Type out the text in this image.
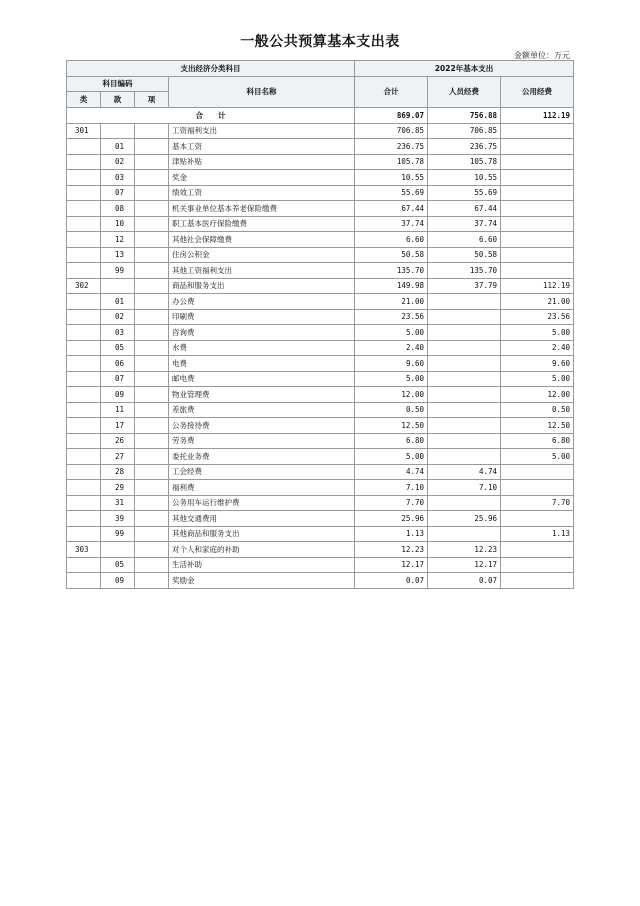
一般公共预算基本支出表
金额单位：万元
支出经济分类科目				2022年基本支出		
科目编码			科目名称	合计	人员经费	公用经费
类	款	项				
合　　计				869.07	756.88	112.19
301			工资福利支出	706.85	706.85	
	01		基本工资	236.75	236.75	
	02		津贴补贴	105.78	105.78	
	03		奖金	10.55	10.55	
	07		绩效工资	55.69	55.69	
	08		机关事业单位基本养老保险缴费	67.44	67.44	
	10		职工基本医疗保险缴费	37.74	37.74	
	12		其他社会保障缴费	6.60	6.60	
	13		住房公积金	50.58	50.58	
	99		其他工资福利支出	135.70	135.70	
302			商品和服务支出	149.98	37.79	112.19
	01		办公费	21.00		21.00
	02		印刷费	23.56		23.56
	03		咨询费	5.00		5.00
	05		水费	2.40		2.40
	06		电费	9.60		9.60
	07		邮电费	5.00		5.00
	09		物业管理费	12.00		12.00
	11		差旅费	0.50		0.50
	17		公务接待费	12.50		12.50
	26		劳务费	6.80		6.80
	27		委托业务费	5.00		5.00
	28		工会经费	4.74	4.74	
	29		福利费	7.10	7.10	
	31		公务用车运行维护费	7.70		7.70
	39		其他交通费用	25.96	25.96	
	99		其他商品和服务支出	1.13		1.13
303			对个人和家庭的补助	12.23	12.23	
	05		生活补助	12.17	12.17	
	09		奖励金	0.07	0.07	
